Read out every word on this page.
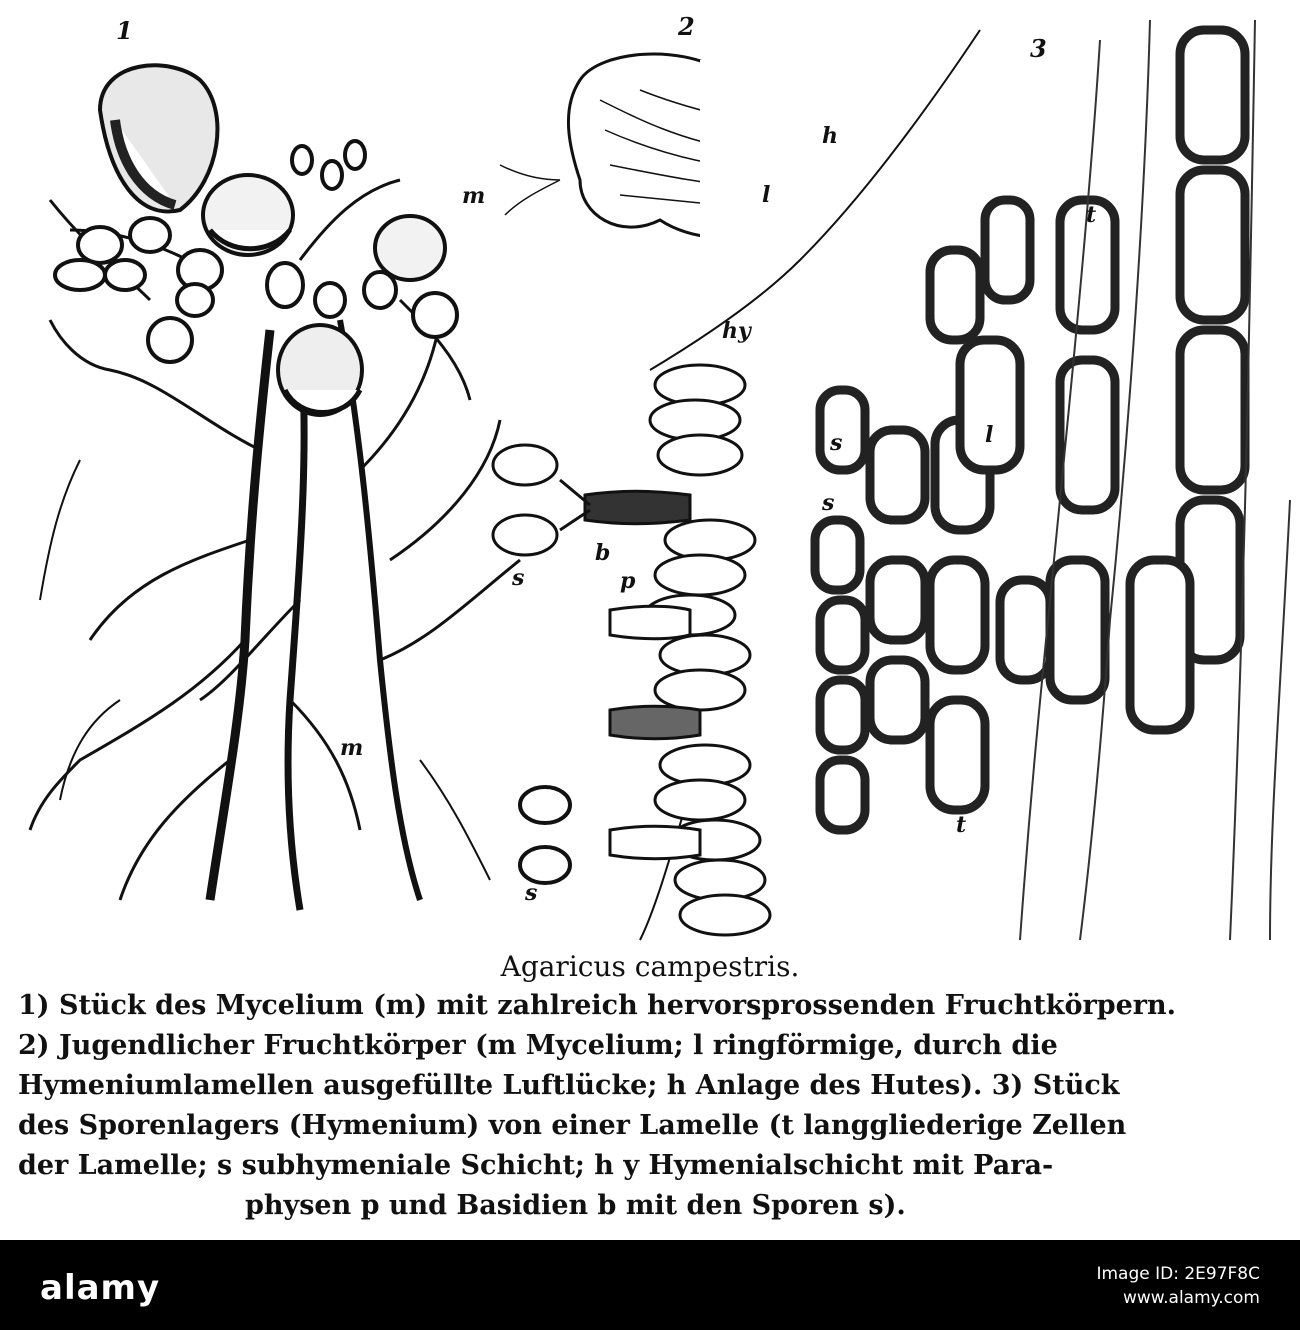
1	2
3
m
m
h
l
hy
s
b
p
s
s
s
l
t
t
Agaricus campestris.
1) Stück des Mycelium (m) mit zahlreich hervorsprossenden Fruchtkörpern.
2) Jugendlicher Fruchtkörper (m Mycelium; l ringförmige, durch die
Hymeniumlamellen ausgefüllte Luftlücke; h Anlage des Hutes). 3) Stück
des Sporenlagers (Hymenium) von einer Lamelle (t langgliederige Zellen
der Lamelle; s subhymeniale Schicht; h y Hymenialschicht mit Para-
physen p und Basidien b mit den Sporen s).
alamy	Image ID: 2E97F8C
www.alamy.com
